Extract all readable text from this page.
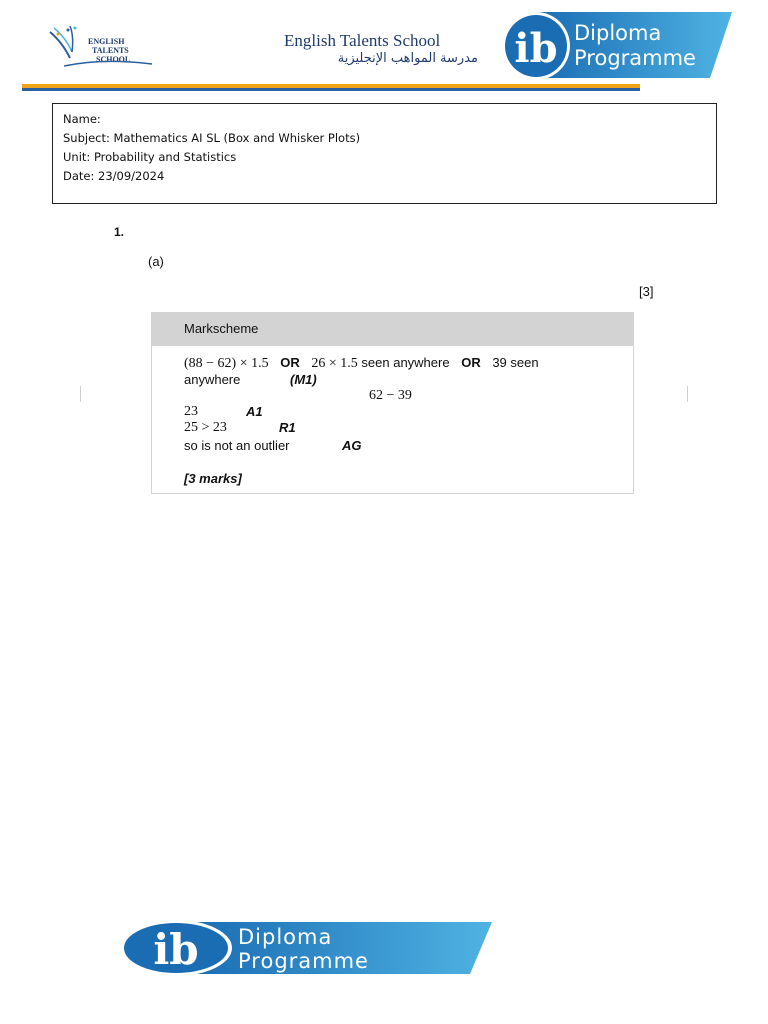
ENGLISH
TALENTS
SCHOOL
English Talents School
مدرسة المواهب الإنجليزية ib Diploma
Programme
Name:
Subject: Mathematics AI SL (Box and Whisker Plots)
Unit: Probability and Statistics
Date: 23/09/2024
1.
(a)
[3]
Markscheme
(88 − 62) × 1.5 OR 26 × 1.5 seen anywhere OR 39 seen
anywhere	(M1)
62 − 39
23	A1
25 > 23	R1
so is not an outlier	AG
[3 marks]
ib Diploma
Programme
